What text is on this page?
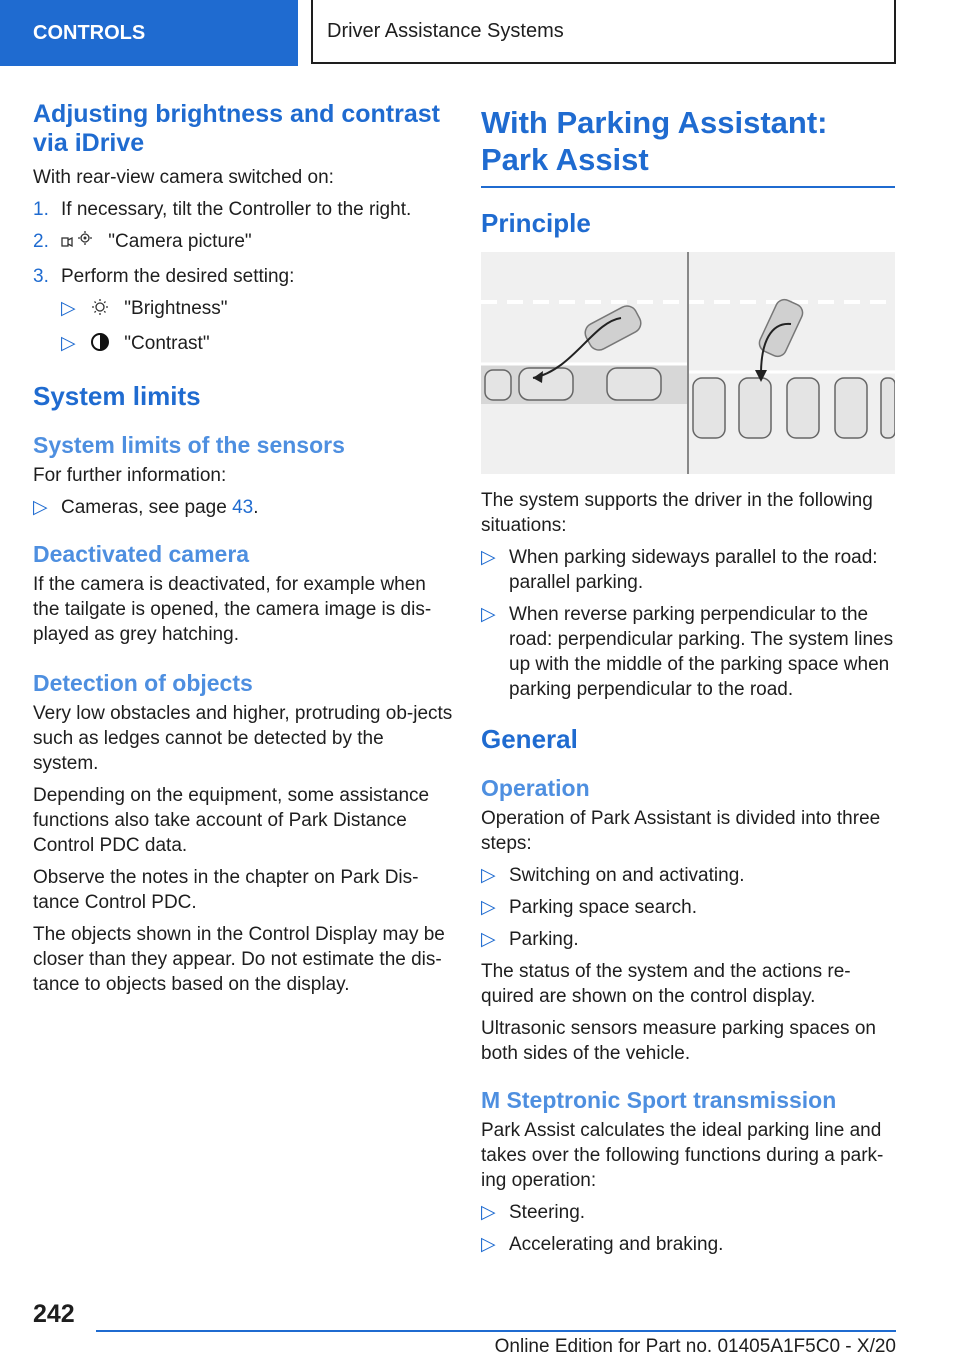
CONTROLS	Driver Assistance Systems
Adjusting brightness and contrast via iDrive

With rear-view camera switched on:

1. If necessary, tilt the Controller to the right.
2.	"Camera picture"
3. Perform the desired setting:
▷	"Brightness"
▷	"Contrast"
System limits
System limits of the sensors

For further information:

▷ Cameras, see page 43.
Deactivated camera

If the camera is deactivated, for example when the tailgate is opened, the camera image is dis-played as grey hatching.

Detection of objects

Very low obstacles and higher, protruding ob-jects such as ledges cannot be detected by the system.

Depending on the equipment, some assistance functions also take account of Park Distance Control PDC data.

Observe the notes in the chapter on Park Dis-tance Control PDC.

The objects shown in the Control Display may be closer than they appear. Do not estimate the dis-tance to objects based on the display.

With Parking Assistant: Park Assist
Principle

The system supports the driver in the following situations:

▷ When parking sideways parallel to the road: parallel parking.
▷ When reverse parking perpendicular to the road: perpendicular parking. The system lines up with the middle of the parking space when parking perpendicular to the road.
General
Operation

Operation of Park Assistant is divided into three steps:

▷ Switching on and activating.
▷ Parking space search.
▷ Parking.

The status of the system and the actions re-quired are shown on the control display.

Ultrasonic sensors measure parking spaces on both sides of the vehicle.

M Steptronic Sport transmission

Park Assist calculates the ideal parking line and takes over the following functions during a park-ing operation:

▷ Steering.
▷ Accelerating and braking.
242
Online Edition for Part no. 01405A1F5C0 - X/20
